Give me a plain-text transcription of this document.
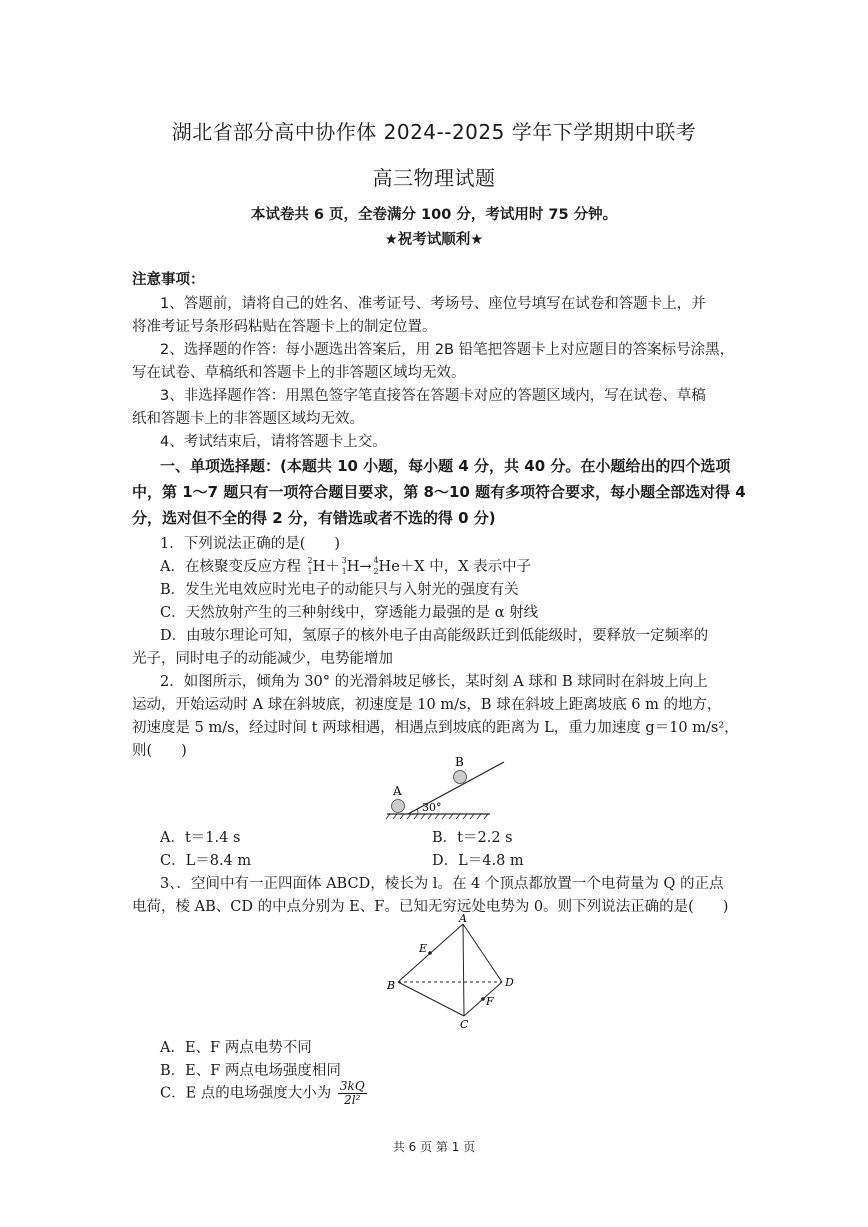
湖北省部分高中协作体 2024--2025 学年下学期期中联考
高三物理试题
本试卷共 6 页，全卷满分 100 分，考试用时 75 分钟。
★祝考试顺利★
注意事项：
1、答题前，请将自己的姓名、准考证号、考场号、座位号填写在试卷和答题卡上，并
将准考证号条形码粘贴在答题卡上的制定位置。
2、选择题的作答：每小题选出答案后，用 2B 铅笔把答题卡上对应题目的答案标号涂黑，
写在试卷、草稿纸和答题卡上的非答题区域均无效。
3、非选择题作答：用黑色签字笔直接答在答题卡对应的答题区域内，写在试卷、草稿
纸和答题卡上的非答题区域均无效。
4、考试结束后，请将答题卡上交。
一、单项选择题：(本题共 10 小题，每小题 4 分，共 40 分。在小题给出的四个选项
中，第 1～7 题只有一项符合题目要求，第 8～10 题有多项符合要求，每小题全部选对得 4
分，选对但不全的得 2 分，有错选或者不选的得 0 分)
1．下列说法正确的是(　　)
A．在核聚变反应方程 2
1 H＋ 3
1 H→ 4
2 He＋X 中，X 表示中子
B．发生光电效应时光电子的动能只与入射光的强度有关
C．天然放射产生的三种射线中，穿透能力最强的是 α 射线
D．由玻尔理论可知，氢原子的核外电子由高能级跃迁到低能级时，要释放一定频率的
光子，同时电子的动能减少，电势能增加
2．如图所示，倾角为 30° 的光滑斜坡足够长，某时刻 A 球和 B 球同时在斜坡上向上
运动，开始运动时 A 球在斜坡底，初速度是 10 m/s，B 球在斜坡上距离坡底 6 m 的地方，
初速度是 5 m/s，经过时间 t 两球相遇，相遇点到坡底的距离为 L，重力加速度 g＝10 m/s²，
则(　　)
A
B
30°
A．t＝1.4 s	B．t＝2.2 s
C．L＝8.4 m	D．L＝4.8 m
3、．空间中有一正四面体 ABCD，棱长为 l。在 4 个顶点都放置一个电荷量为 Q 的正点
电荷，棱 AB、CD 的中点分别为 E、F。已知无穷远处电势为 0。则下列说法正确的是(　　)
A
B
C
D
E
F
A．E、F 两点电势不同
B．E、F 两点电场强度相同
C．E 点的电场强度大小为 $\frac{3kQ}{\text{2l²}}$
共 6 页 第 1 页
